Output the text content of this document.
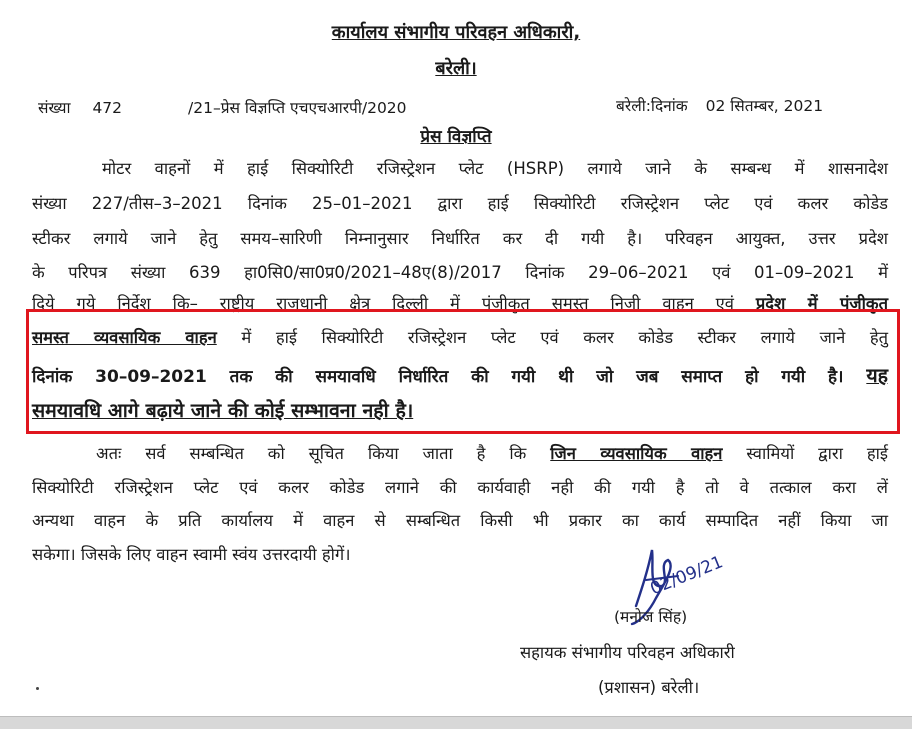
कार्यालय संभागीय परिवहन अधिकारी,
बरेली।
संख्या 472	/21–प्रेस विज्ञप्ति एचएचआरपी/2020	बरेली:दिनांक 02 सितम्बर, 2021
प्रेस विज्ञप्ति
मोटर वाहनों में हाई सिक्योरिटी रजिस्ट्रेशन प्लेट (HSRP) लगाये जाने के सम्बन्ध में शासनादेश
संख्या 227/तीस–3–2021 दिनांक 25–01–2021 द्वारा हाई सिक्योरिटी रजिस्ट्रेशन प्लेट एवं कलर कोडेड
स्टीकर लगाये जाने हेतु समय–सारिणी निम्नानुसार निर्धारित कर दी गयी है। परिवहन आयुक्त, उत्तर प्रदेश
के परिपत्र संख्या 639 हा0सि0/सा0प्र0/2021–48ए(8)/2017 दिनांक 29–06–2021 एवं 01–09–2021 में
दिये गये निर्देश कि– राष्ट्रीय राजधानी क्षेत्र दिल्ली में पंजीकृत समस्त निजी वाहन एवं प्रदेश में पंजीकृत
समस्त व्यवसायिक वाहन में हाई सिक्योरिटी रजिस्ट्रेशन प्लेट एवं कलर कोडेड स्टीकर लगाये जाने हेतु
दिनांक 30–09–2021 तक की समयावधि निर्धारित की गयी थी जो जब समाप्त हो गयी है। यह
समयावधि आगे बढ़ाये जाने की कोई सम्भावना नही है।
अतः सर्व सम्बन्धित को सूचित किया जाता है कि जिन व्यवसायिक वाहन स्वामियों द्वारा हाई
सिक्योरिटी रजिस्ट्रेशन प्लेट एवं कलर कोडेड लगाने की कार्यवाही नही की गयी है तो वे तत्काल करा लें
अन्यथा वाहन के प्रति कार्यालय में वाहन से सम्बन्धित किसी भी प्रकार का कार्य सम्पादित नहीं किया जा
सकेगा। जिसके लिए वाहन स्वामी स्वंय उत्तरदायी होगें।	02/09/21
(मनोज सिंह)
सहायक संभागीय परिवहन अधिकारी
(प्रशासन) बरेली।
